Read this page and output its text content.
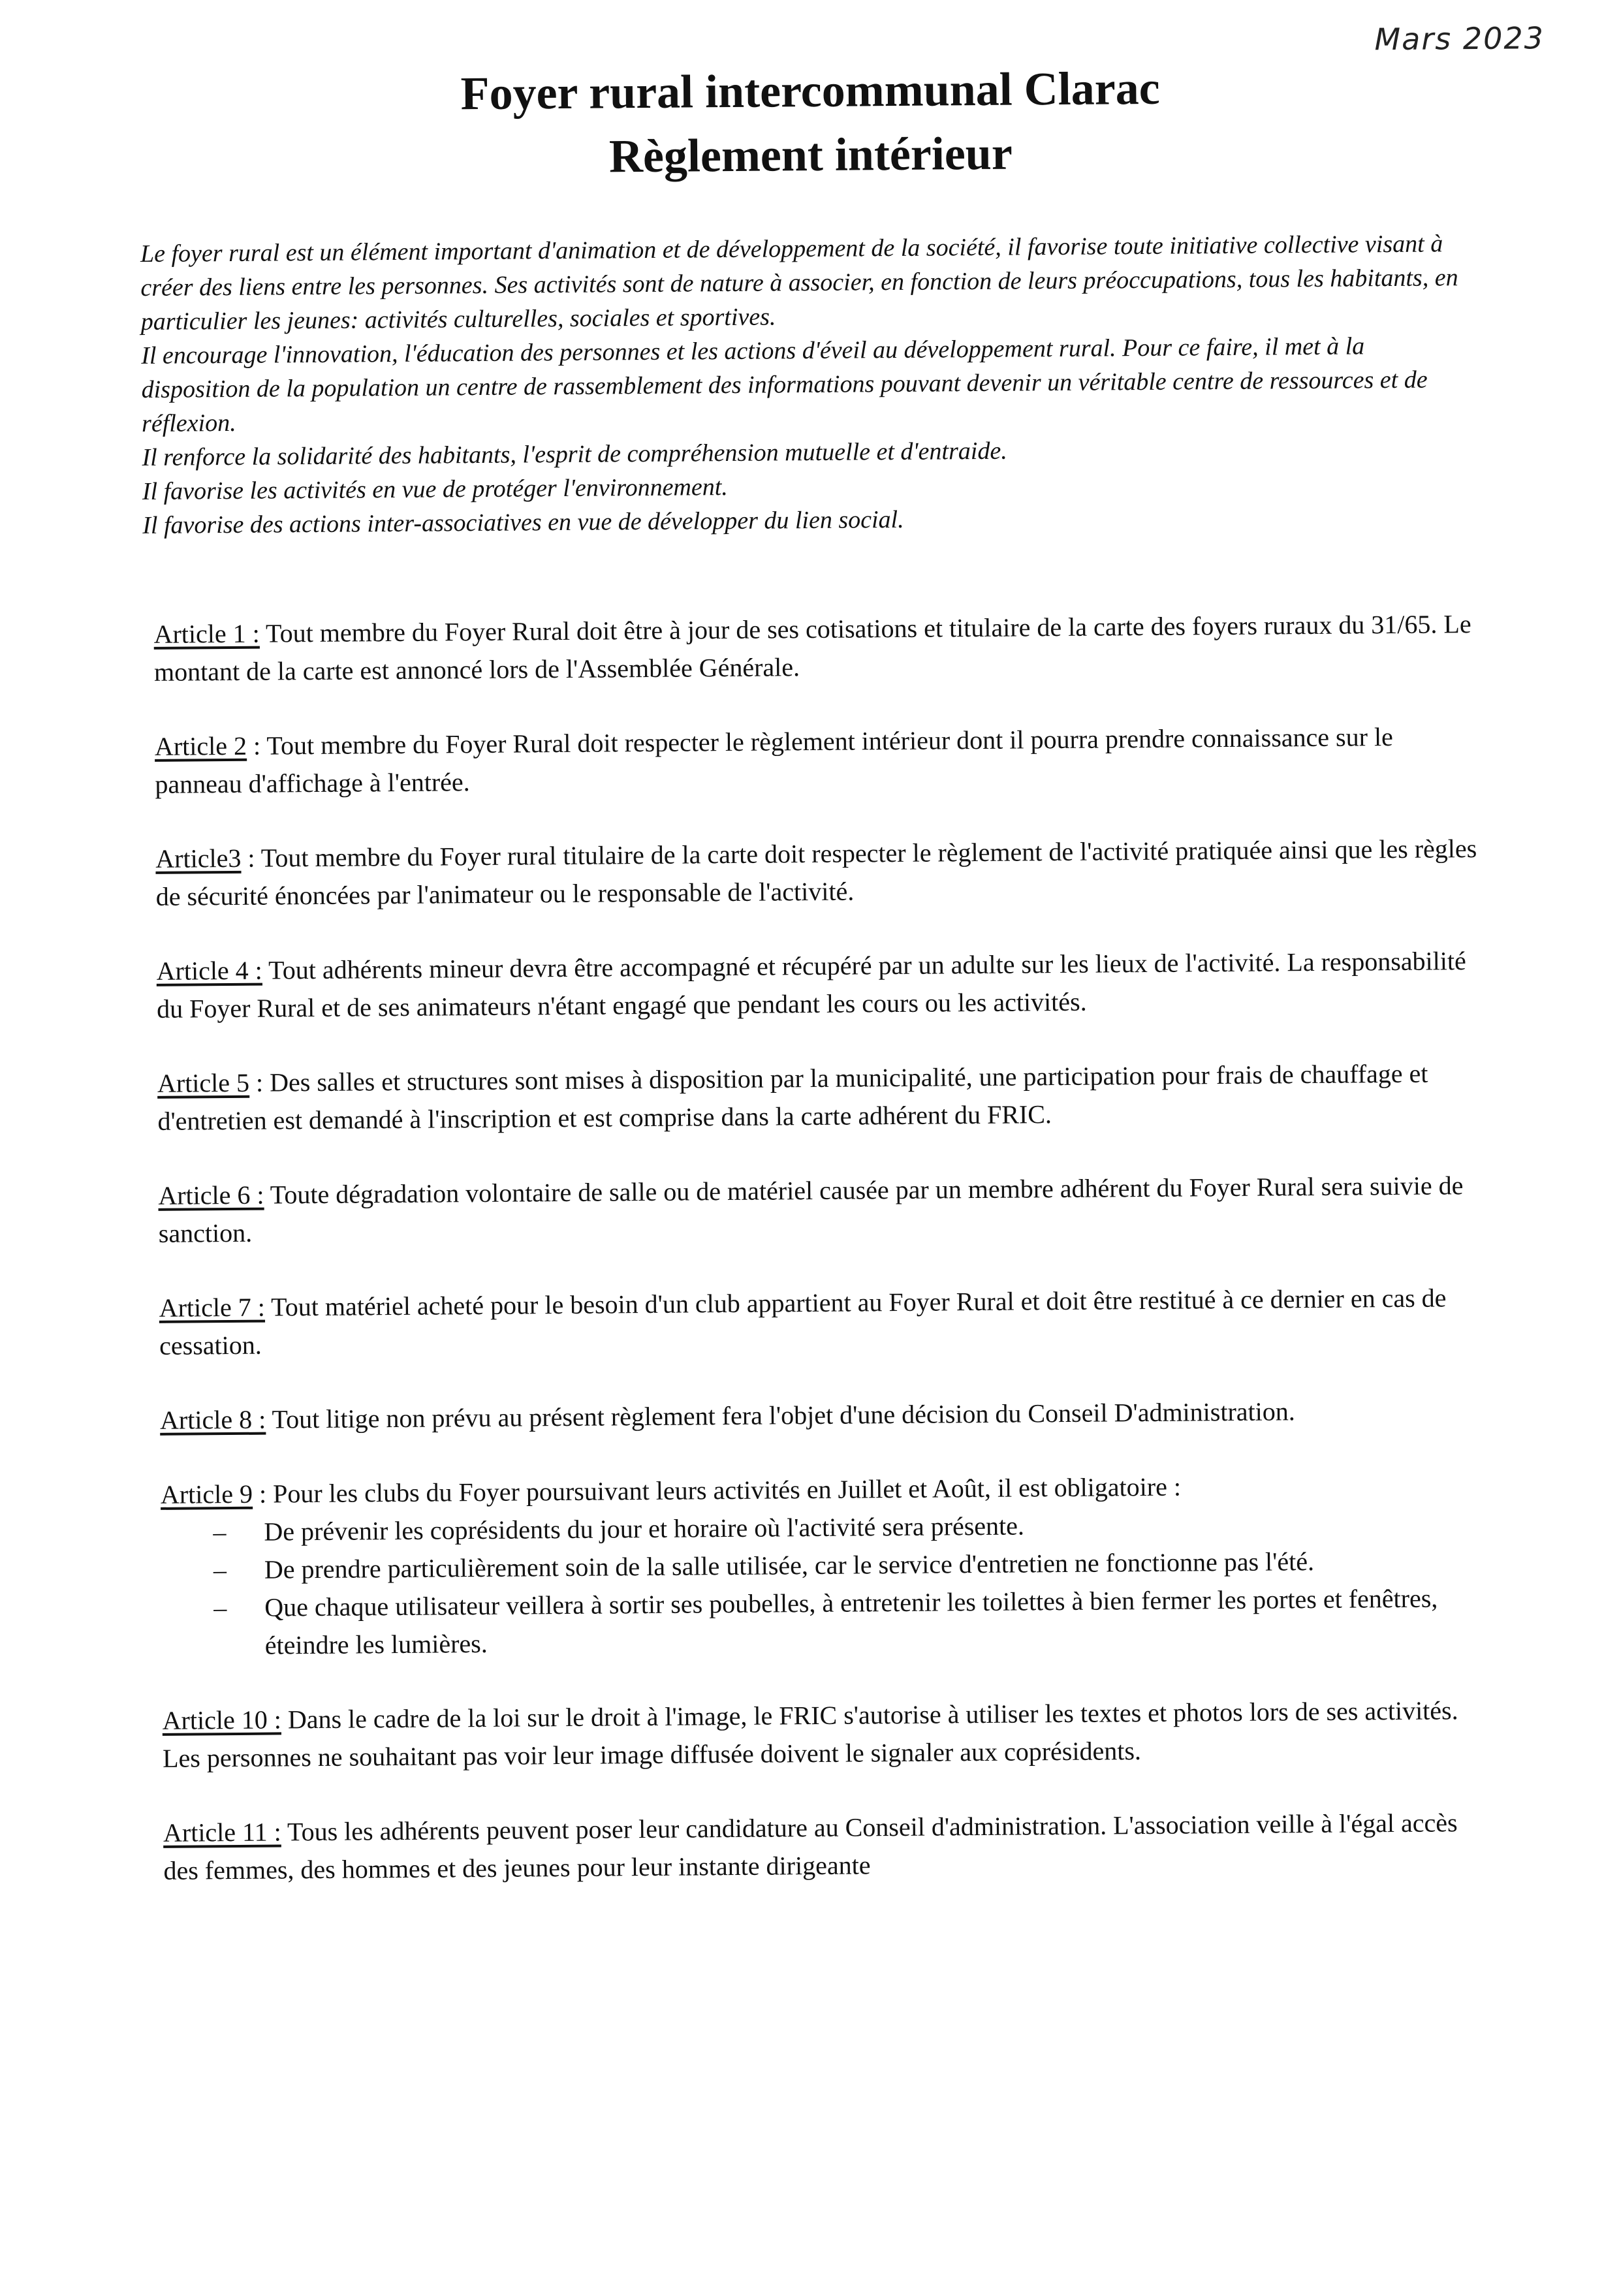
Mars 2023
Foyer rural intercommunal Clarac
Règlement intérieur

Le foyer rural est un élément important d'animation et de développement de la société, il favorise toute initiative collective visant à créer des liens entre les personnes. Ses activités sont de nature à associer, en fonction de leurs préoccupations, tous les habitants, en particulier les jeunes: activités culturelles, sociales et sportives.

Il encourage l'innovation, l'éducation des personnes et les actions d'éveil au développement rural. Pour ce faire, il met à la disposition de la population un centre de rassemblement des informations pouvant devenir un véritable centre de ressources et de réflexion.

Il renforce la solidarité des habitants, l'esprit de compréhension mutuelle et d'entraide.

Il favorise les activités en vue de protéger l'environnement.

Il favorise des actions inter-associatives en vue de développer du lien social.

Article 1 : Tout membre du Foyer Rural doit être à jour de ses cotisations et titulaire de la carte des foyers ruraux du 31/65. Le montant de la carte est annoncé lors de l'Assemblée Générale.

Article 2 : Tout membre du Foyer Rural doit respecter le règlement intérieur dont il pourra prendre connaissance sur le panneau d'affichage à l'entrée.

Article3 : Tout membre du Foyer rural titulaire de la carte doit respecter le règlement de l'activité pratiquée ainsi que les règles de sécurité énoncées par l'animateur ou le responsable de l'activité.

Article 4 : Tout adhérents mineur devra être accompagné et récupéré par un adulte sur les lieux de l'activité. La responsabilité du Foyer Rural et de ses animateurs n'étant engagé que pendant les cours ou les activités.

Article 5 : Des salles et structures sont mises à disposition par la municipalité, une participation pour frais de chauffage et d'entretien est demandé à l'inscription et est comprise dans la carte adhérent du FRIC.

Article 6 : Toute dégradation volontaire de salle ou de matériel causée par un membre adhérent du Foyer Rural sera suivie de sanction.

Article 7 : Tout matériel acheté pour le besoin d'un club appartient au Foyer Rural et doit être restitué à ce dernier en cas de cessation.

Article 8 : Tout litige non prévu au présent règlement fera l'objet d'une décision du Conseil D'administration.

Article 9 : Pour les clubs du Foyer poursuivant leurs activités en Juillet et Août, il est obligatoire :
– De prévenir les coprésidents du jour et horaire où l'activité sera présente.
– De prendre particulièrement soin de la salle utilisée, car le service d'entretien ne fonctionne pas l'été.
– Que chaque utilisateur veillera à sortir ses poubelles, à entretenir les toilettes à bien fermer les portes et fenêtres, éteindre les lumières.

Article 10 : Dans le cadre de la loi sur le droit à l'image, le FRIC s'autorise à utiliser les textes et photos lors de ses activités. Les personnes ne souhaitant pas voir leur image diffusée doivent le signaler aux coprésidents.

Article 11 : Tous les adhérents peuvent poser leur candidature au Conseil d'administration. L'association veille à l'égal accès des femmes, des hommes et des jeunes pour leur instante dirigeante
